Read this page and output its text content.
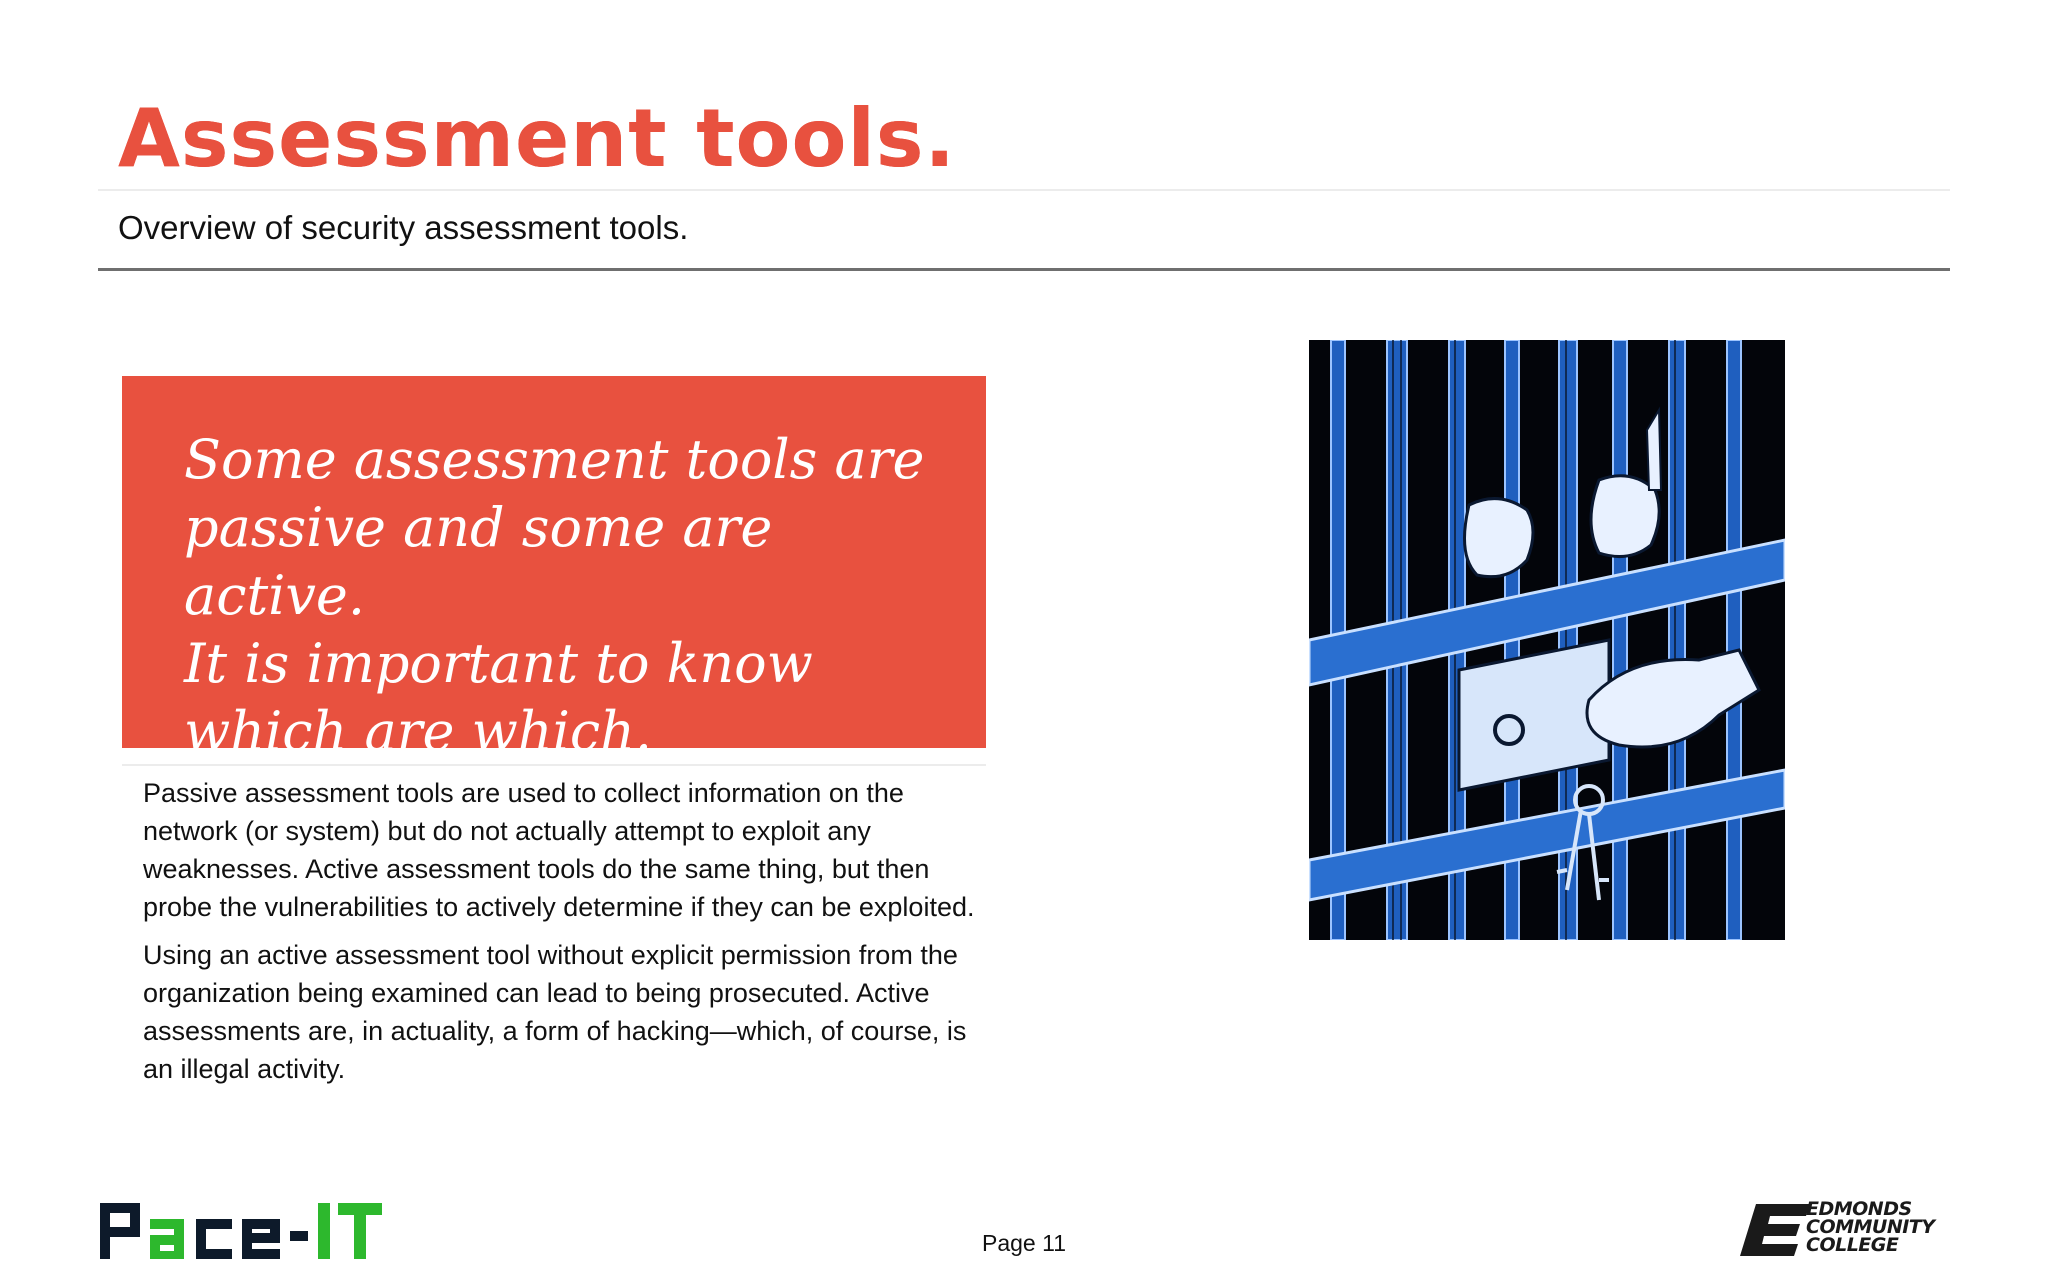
Assessment tools.
Overview of security assessment tools.
Some assessment tools are
passive and some are active.
It is important to know
which are which.

Passive assessment tools are used to collect information on the network (or system) but do not actually attempt to exploit any weaknesses. Active assessment tools do the same thing, but then probe the vulnerabilities to actively determine if they can be exploited.

Using an active assessment tool without explicit permission from the organization being examined can lead to being prosecuted. Active assessments are, in actuality, a form of hacking—which, of course, is an illegal activity.

Page 11
EDMONDS
COMMUNITY
COLLEGE
